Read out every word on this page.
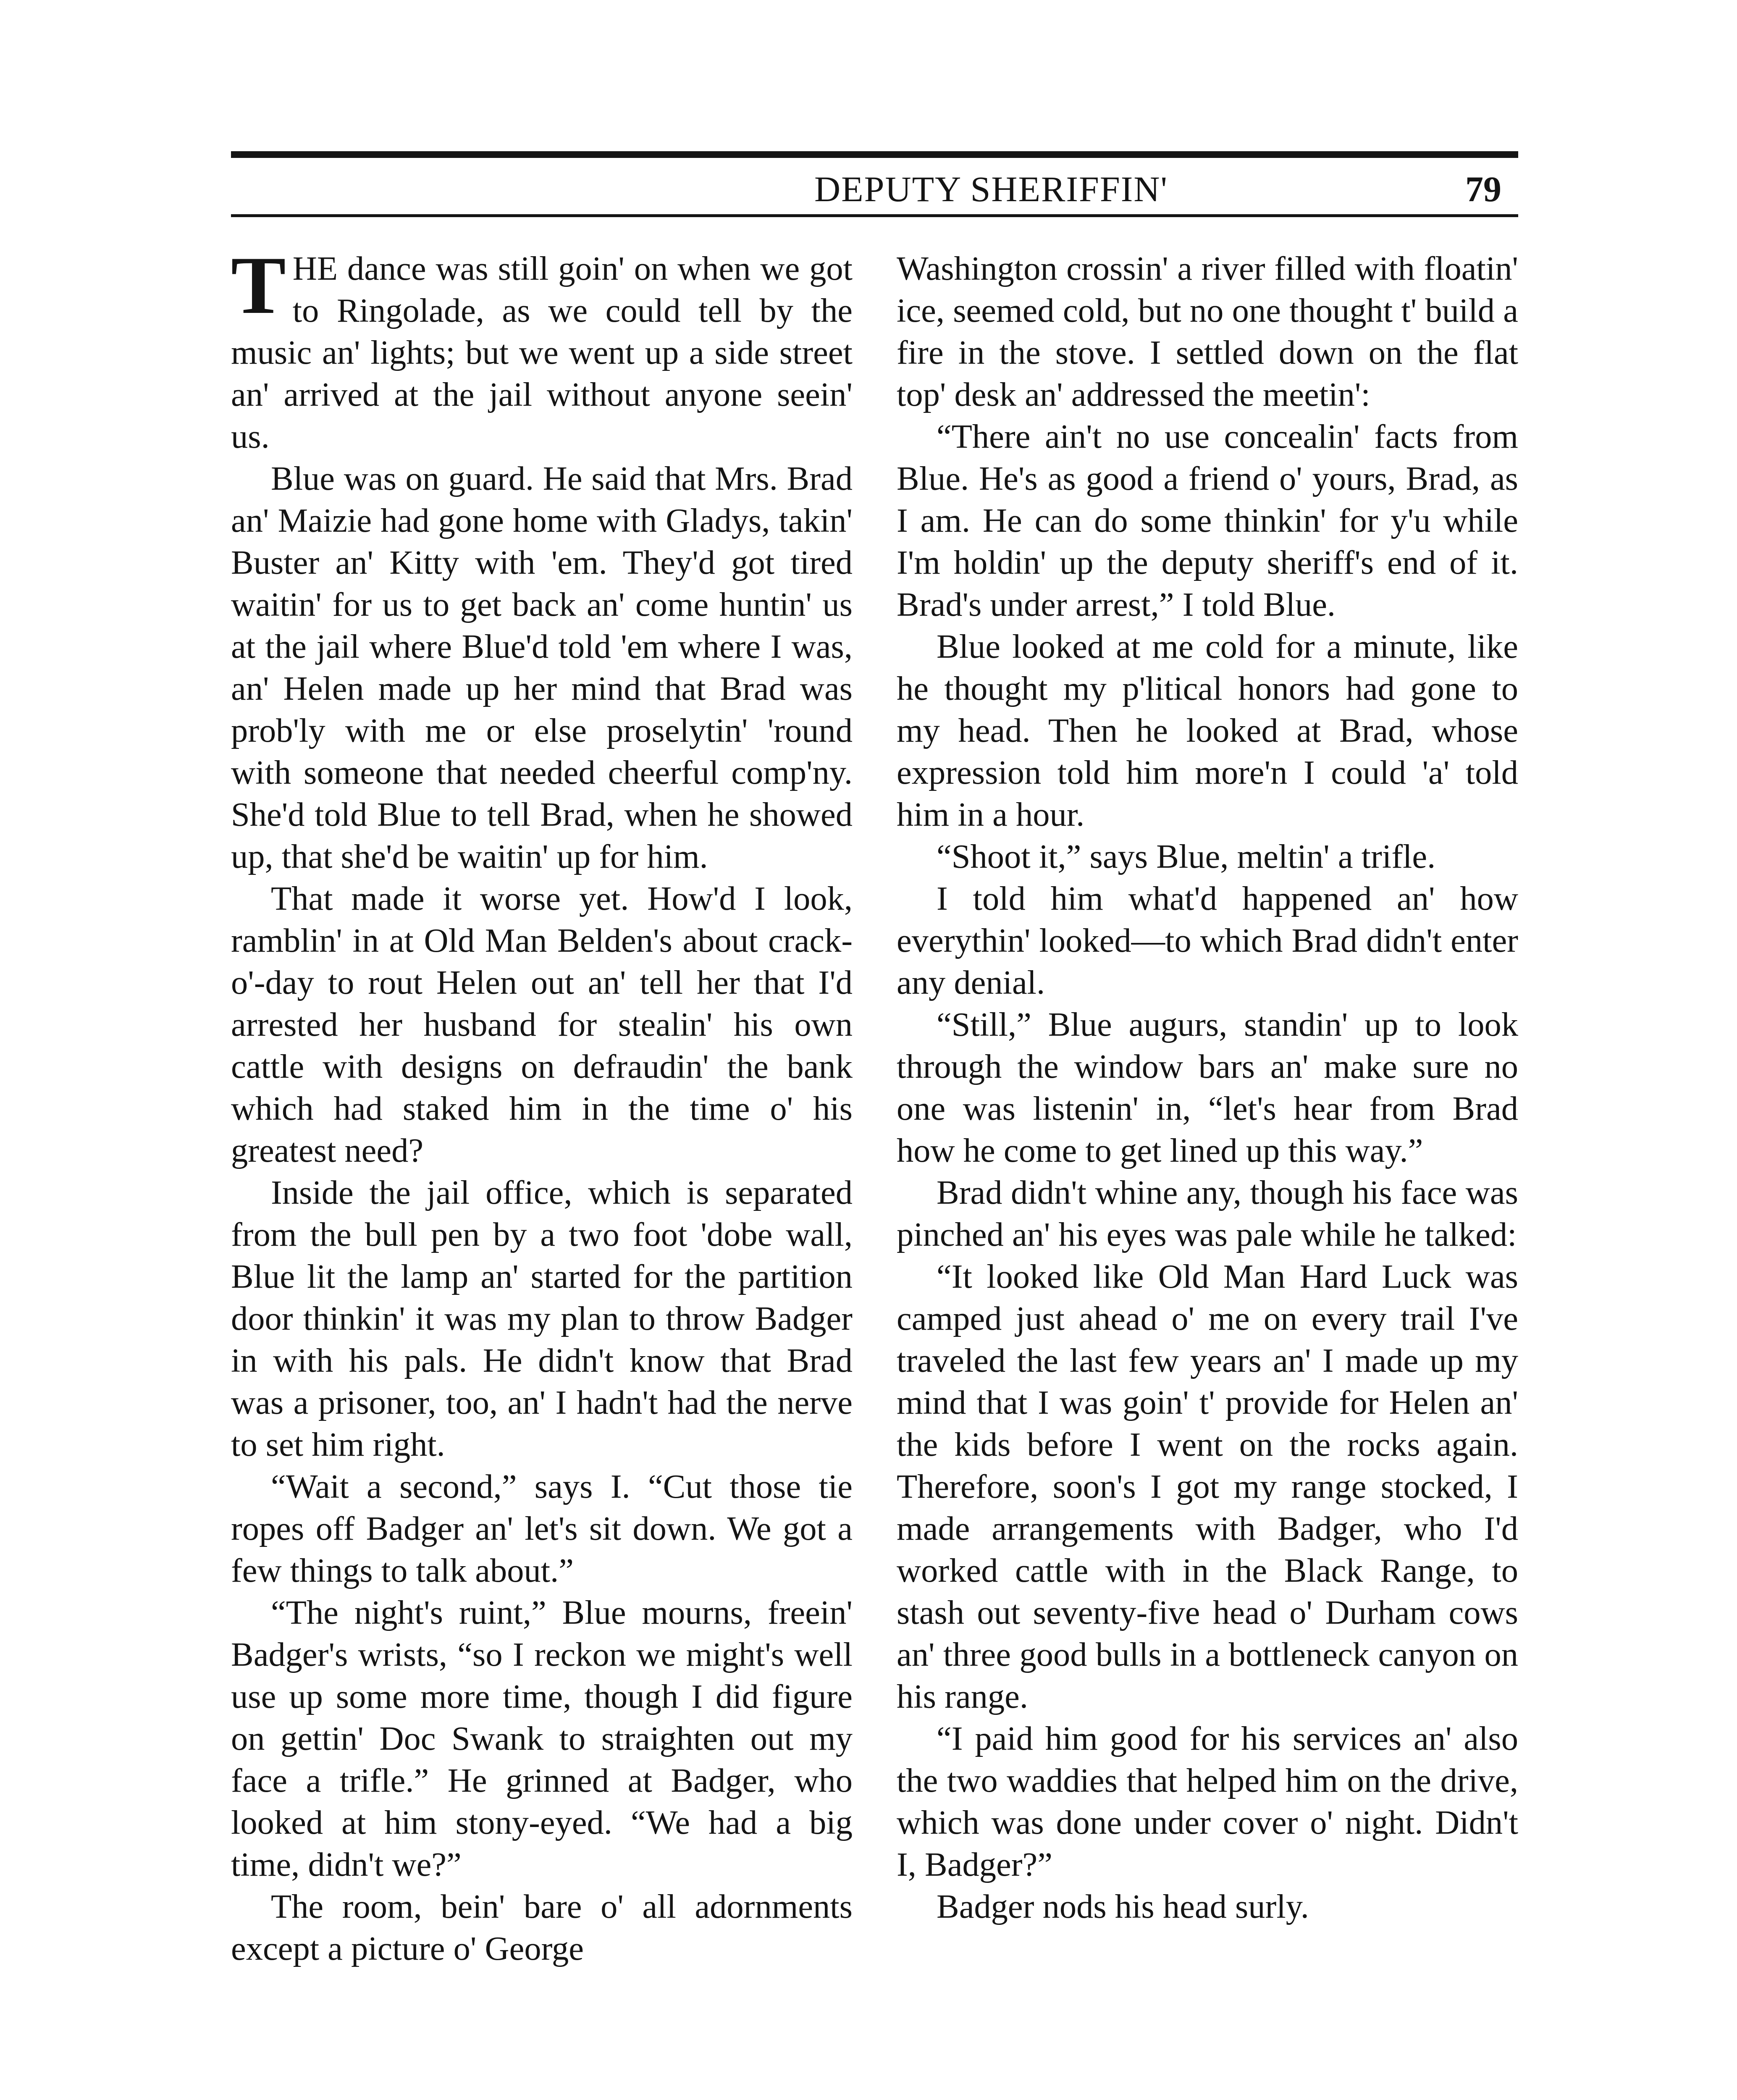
DEPUTY SHERIFFIN'	79

THE dance was still goin' on when we got to Ringolade, as we could tell by the music an' lights; but we went up a side street an' arrived at the jail without anyone seein' us.

Blue was on guard. He said that Mrs. Brad an' Maizie had gone home with Gladys, takin' Buster an' Kitty with 'em. They'd got tired waitin' for us to get back an' come huntin' us at the jail where Blue'd told 'em where I was, an' Helen made up her mind that Brad was prob'ly with me or else proselytin' 'round with someone that needed cheerful comp'ny. She'd told Blue to tell Brad, when he showed up, that she'd be waitin' up for him.

That made it worse yet. How'd I look, ramblin' in at Old Man Belden's about crack-o'-day to rout Helen out an' tell her that I'd arrested her husband for stealin' his own cattle with designs on defraudin' the bank which had staked him in the time o' his greatest need?

Inside the jail office, which is separated from the bull pen by a two foot 'dobe wall, Blue lit the lamp an' started for the partition door thinkin' it was my plan to throw Badger in with his pals. He didn't know that Brad was a prisoner, too, an' I hadn't had the nerve to set him right.

“Wait a second,” says I. “Cut those tie ropes off Badger an' let's sit down. We got a few things to talk about.”

“The night's ruint,” Blue mourns, freein' Badger's wrists, “so I reckon we might's well use up some more time, though I did figure on gettin' Doc Swank to straighten out my face a trifle.” He grinned at Badger, who looked at him stony-eyed. “We had a big time, didn't we?”

The room, bein' bare o' all adornments except a picture o' George

Washington crossin' a river filled with floatin' ice, seemed cold, but no one thought t' build a fire in the stove. I settled down on the flat top' desk an' addressed the meetin':

“There ain't no use concealin' facts from Blue. He's as good a friend o' yours, Brad, as I am. He can do some thinkin' for y'u while I'm holdin' up the deputy sheriff's end of it. Brad's under arrest,” I told Blue.

Blue looked at me cold for a minute, like he thought my p'litical honors had gone to my head. Then he looked at Brad, whose expression told him more'n I could 'a' told him in a hour.

“Shoot it,” says Blue, meltin' a trifle.

I told him what'd happened an' how everythin' looked—to which Brad didn't enter any denial.

“Still,” Blue augurs, standin' up to look through the window bars an' make sure no one was listenin' in, “let's hear from Brad how he come to get lined up this way.”

Brad didn't whine any, though his face was pinched an' his eyes was pale while he talked:

“It looked like Old Man Hard Luck was camped just ahead o' me on every trail I've traveled the last few years an' I made up my mind that I was goin' t' provide for Helen an' the kids before I went on the rocks again. Therefore, soon's I got my range stocked, I made arrangements with Badger, who I'd worked cattle with in the Black Range, to stash out seventy-five head o' Durham cows an' three good bulls in a bottleneck canyon on his range.

“I paid him good for his services an' also the two waddies that helped him on the drive, which was done under cover o' night. Didn't I, Badger?”

Badger nods his head surly.
